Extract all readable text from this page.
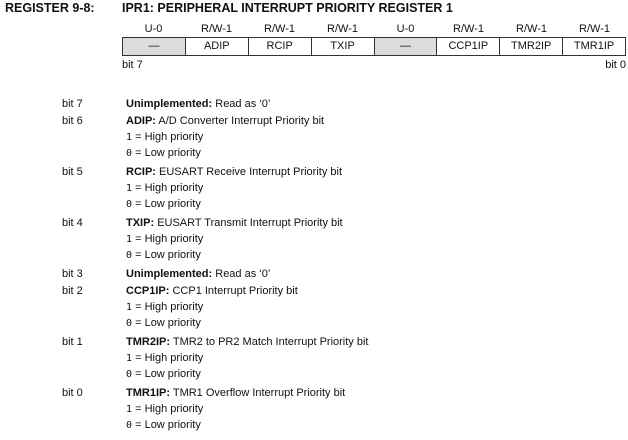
REGISTER 9-8: IPR1: PERIPHERAL INTERRUPT PRIORITY REGISTER 1
U-0	R/W-1	R/W-1	R/W-1	U-0	R/W-1	R/W-1	R/W-1
—	ADIP	RCIP	TXIP	—	CCP1IP	TMR2IP	TMR1IP
bit 7	bit 0
bit 7	Unimplemented: Read as ‘0’
bit 6	ADIP: A/D Converter Interrupt Priority bit
1 = High priority
0 = Low priority
bit 5	RCIP: EUSART Receive Interrupt Priority bit
1 = High priority
0 = Low priority
bit 4	TXIP: EUSART Transmit Interrupt Priority bit
1 = High priority
0 = Low priority
bit 3	Unimplemented: Read as ‘0’
bit 2	CCP1IP: CCP1 Interrupt Priority bit
1 = High priority
0 = Low priority
bit 1	TMR2IP: TMR2 to PR2 Match Interrupt Priority bit
1 = High priority
0 = Low priority
bit 0	TMR1IP: TMR1 Overflow Interrupt Priority bit
1 = High priority
0 = Low priority
